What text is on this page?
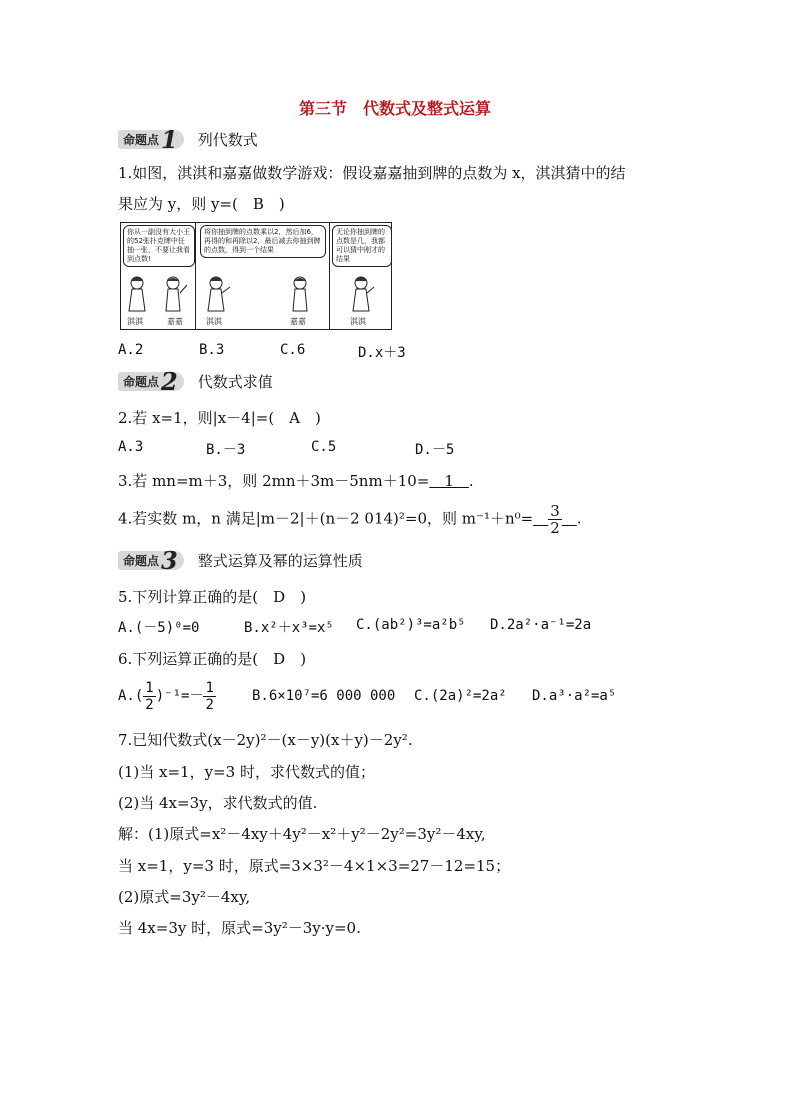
第三节　代数式及整式运算
命题点 1 列代数式
1.如图，淇淇和嘉嘉做数学游戏：假设嘉嘉抽到牌的点数为 x，淇淇猜中的结
果应为 y，则 y=(　B　)
你从一副没有大小王的52张扑克牌中任抽一张，不要让我看到点数!
淇淇	嘉嘉
将你抽到牌的点数乘以2，然后加6，再得的和再除以2，最后减去你抽到牌的点数，得到一个结果
淇淇	嘉嘉
无论你抽到牌的点数是几，我都可以猜中刚才的结果
淇淇
A.2	B.3	C.6	D.x＋3
命题点 2 代数式求值
2.若 x=1，则|x－4|=(　A　)
A.3	B.－3	C.5	D.－5
3.若 mn=m＋3，则 2mn＋3m－5nm＋10=　1　.
4.若实数 m，n 满足|m－2|＋(n－2 014)²=0，则 m⁻¹＋n⁰=　 $\frac{3}{2}$
　 .
命题点 3 整式运算及幂的运算性质
5.下列计算正确的是(　D　)
A.(－5)⁰=0	B.x²＋x³=x⁵ C.(ab²)³=a²b⁵ D.2a²·a⁻¹=2a
6.下列运算正确的是(　D　)
$A.( \frac{1}{2} )^{-1}=- \frac{1}{2}$	B.6×10⁷=6 000 000 C.(2a)²=2a² D.a³·a²=a⁵
7.已知代数式(x－2y)²－(x－y)(x＋y)－2y².
(1)当 x=1，y=3 时，求代数式的值；
(2)当 4x=3y，求代数式的值.
解：(1)原式=x²－4xy＋4y²－x²＋y²－2y²=3y²－4xy,
当 x=1，y=3 时，原式=3×3²－4×1×3=27－12=15；
(2)原式=3y²－4xy,
当 4x=3y 时，原式=3y²－3y·y=0.
